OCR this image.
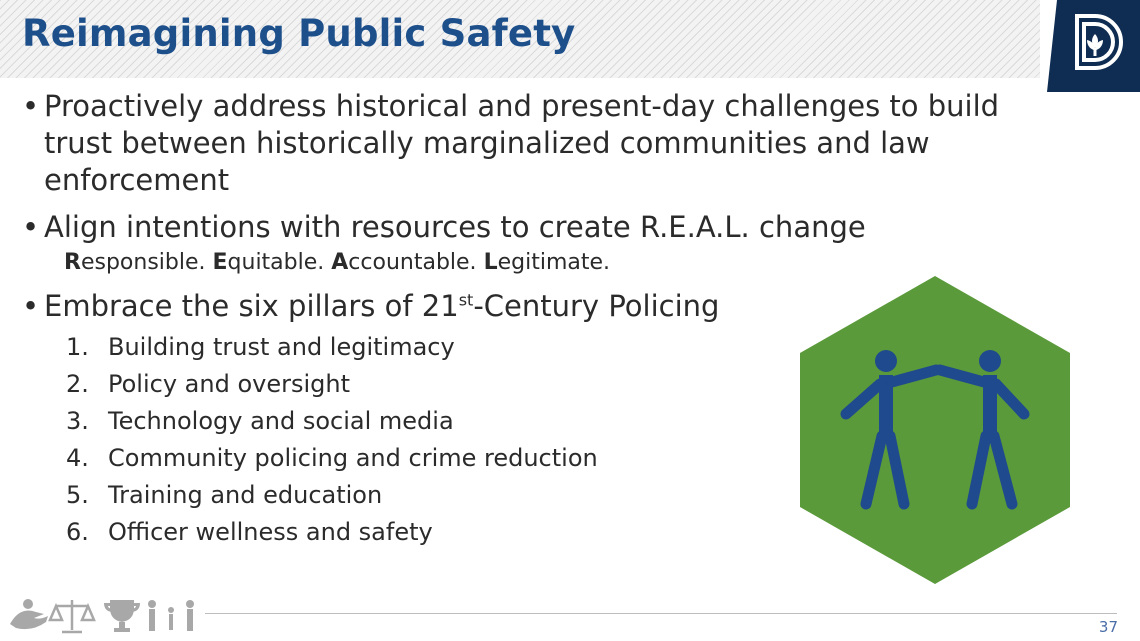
Reimagining Public Safety
• Proactively address historical and present-day challenges to build trust between historically marginalized communities and law enforcement
• Align intentions with resources to create R.E.A.L. change
Responsible. Equitable. Accountable. Legitimate.
• Embrace the six pillars of 21st-Century Policing
1. Building trust and legitimacy
2. Policy and oversight
3. Technology and social media
4. Community policing and crime reduction
5. Training and education
6. Officer wellness and safety
37
